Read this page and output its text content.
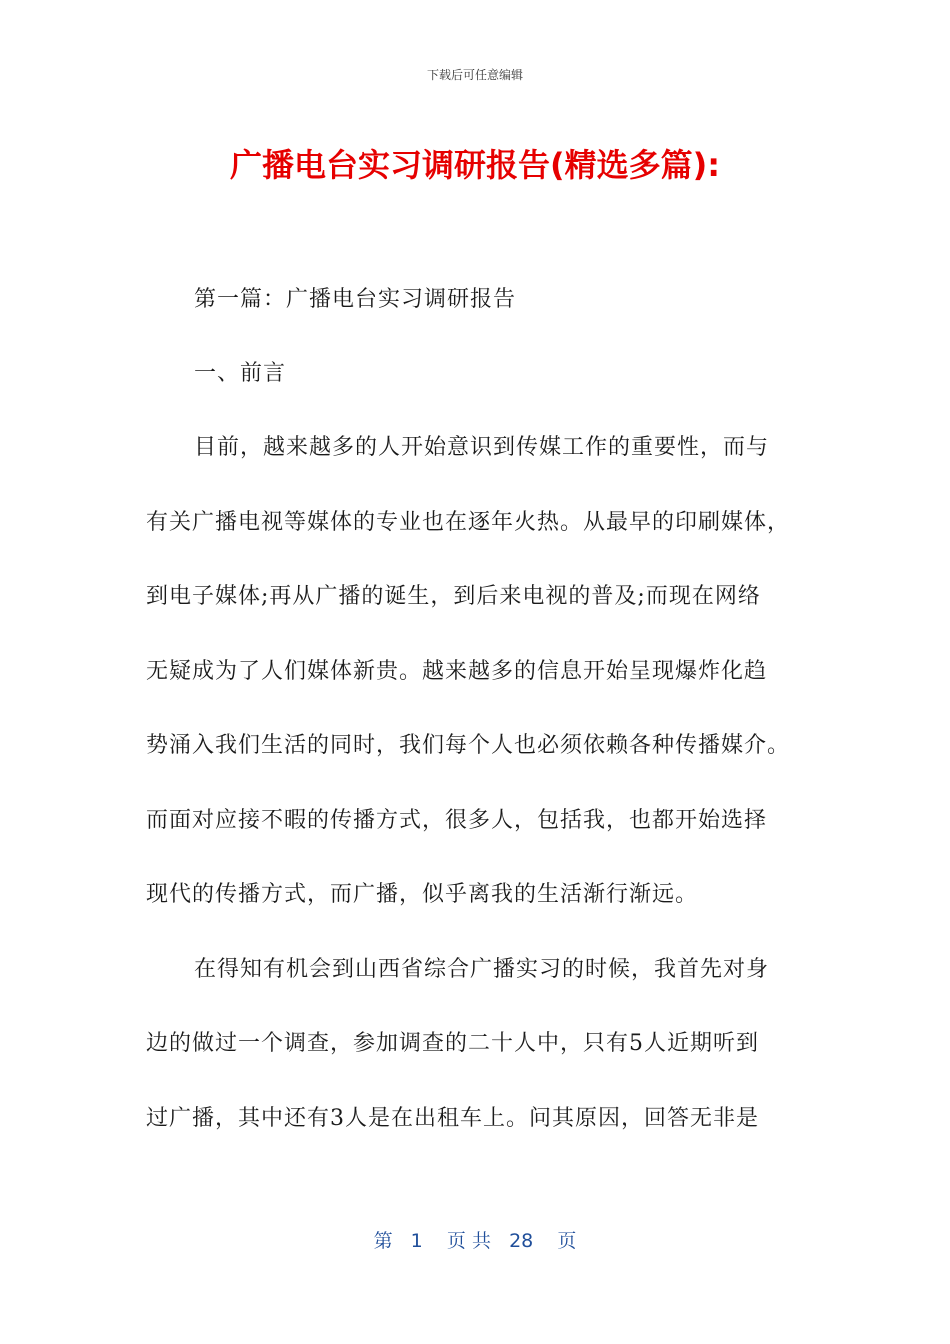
下载后可任意编辑
广播电台实习调研报告(精选多篇):
第一篇：广播电台实习调研报告
一、前言
目前，越来越多的人开始意识到传媒工作的重要性，而与
有关广播电视等媒体的专业也在逐年火热。从最早的印刷媒体，
到电子媒体;再从广播的诞生，到后来电视的普及;而现在网络
无疑成为了人们媒体新贵。越来越多的信息开始呈现爆炸化趋
势涌入我们生活的同时，我们每个人也必须依赖各种传播媒介。
而面对应接不暇的传播方式，很多人，包括我，也都开始选择
现代的传播方式，而广播，似乎离我的生活渐行渐远。
在得知有机会到山西省综合广播实习的时候，我首先对身
边的做过一个调查，参加调查的二十人中，只有5人近期听到
过广播，其中还有3人是在出租车上。问其原因，回答无非是
第   1    页 共   28    页
